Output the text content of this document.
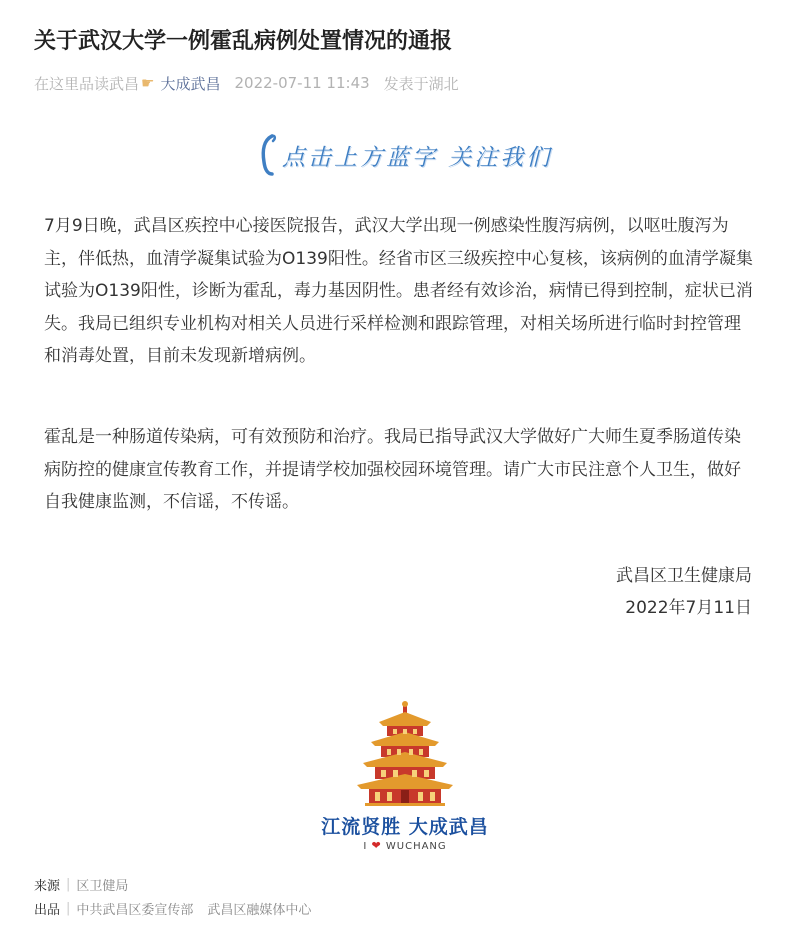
关于武汉大学一例霍乱病例处置情况的通报
在这里品读武昌 ☛ 大成武昌 2022-07-11 11:43 发表于湖北
点击上方蓝字 关注我们

7月9日晚，武昌区疾控中心接医院报告，武汉大学出现一例感染性腹泻病例，以呕吐腹泻为主，伴低热，血清学凝集试验为O139阳性。经省市区三级疾控中心复核，该病例的血清学凝集试验为O139阳性，诊断为霍乱，毒力基因阴性。患者经有效诊治，病情已得到控制，症状已消失。我局已组织专业机构对相关人员进行采样检测和跟踪管理，对相关场所进行临时封控管理和消毒处置，目前未发现新增病例。

霍乱是一种肠道传染病，可有效预防和治疗。我局已指导武汉大学做好广大师生夏季肠道传染病防控的健康宣传教育工作，并提请学校加强校园环境管理。请广大市民注意个人卫生，做好自我健康监测，不信谣，不传谣。

武昌区卫生健康局
2022年7月11日
江流贤胜 大成武昌
I ❤ WUCHANG
来源 | 区卫健局
出品 | 中共武昌区委宣传部 武昌区融媒体中心
